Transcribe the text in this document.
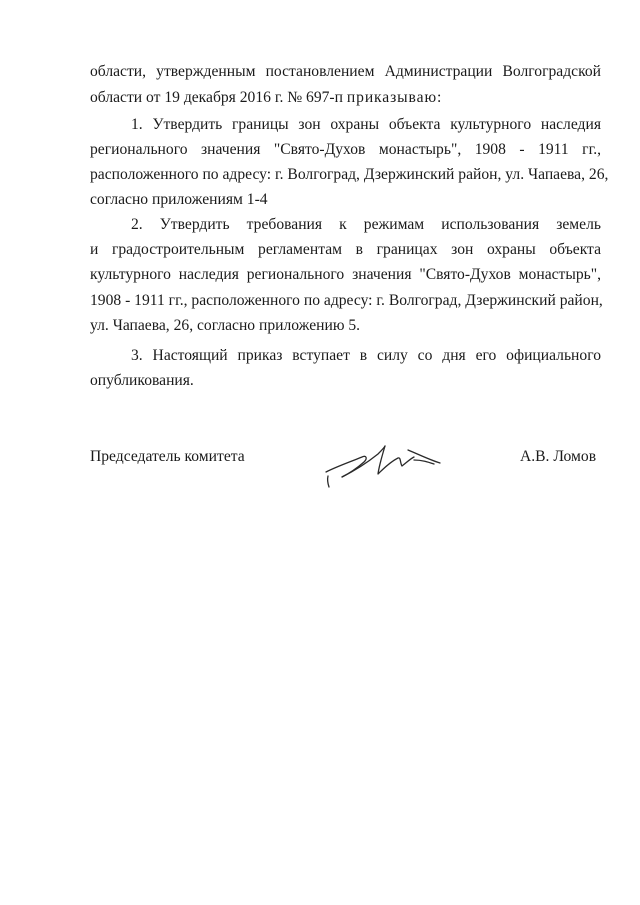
области, утвержденным постановлением Администрации Волгоградской
области от 19 декабря 2016 г. № 697-п приказываю:
1. Утвердить границы зон охраны объекта культурного наследия
регионального значения "Свято-Духов монастырь", 1908 - 1911 гг.,
расположенного по адресу: г. Волгоград, Дзержинский район, ул. Чапаева, 26,
согласно приложениям 1-4
2. Утвердить требования к режимам использования земель
и градостроительным регламентам в границах зон охраны объекта
культурного наследия регионального значения "Свято-Духов монастырь",
1908 - 1911 гг., расположенного по адресу: г. Волгоград, Дзержинский район,
ул. Чапаева, 26, согласно приложению 5.
3. Настоящий приказ вступает в силу со дня его официального
опубликования.
Председатель комитета	А.В. Ломов
